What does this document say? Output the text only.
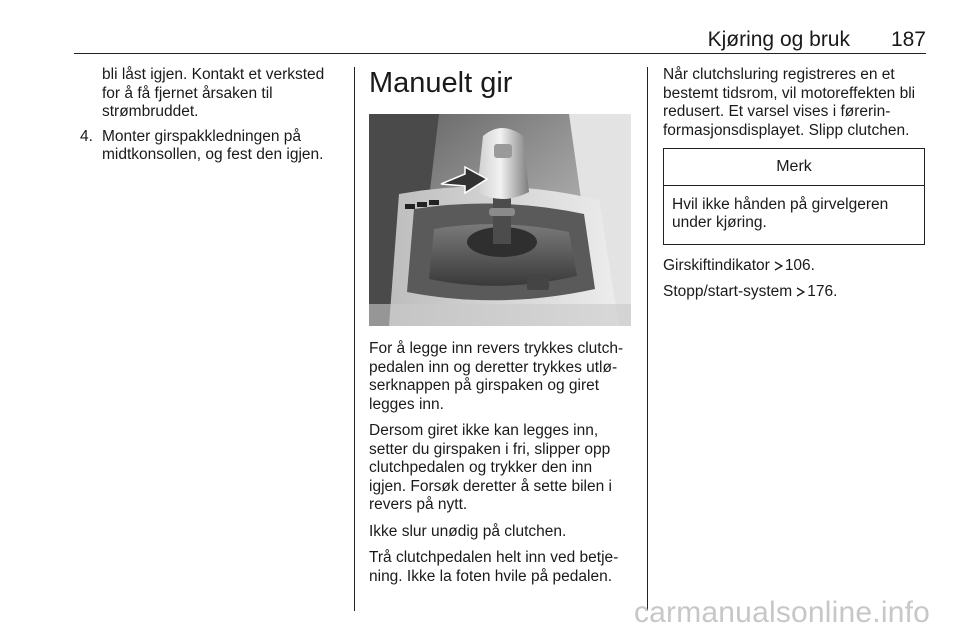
Kjøring og bruk 187
bli låst igjen. Kontakt et verksted
for å få fjernet årsaken til
strømbruddet.
4. Monter girspakkledningen på
midtkonsollen, og fest den igjen.
Manuelt gir

For å legge inn revers trykkes clutch-
pedalen inn og deretter trykkes utlø-
serknappen på girspaken og giret
legges inn.

Dersom giret ikke kan legges inn,
setter du girspaken i fri, slipper opp
clutchpedalen og trykker den inn
igjen. Forsøk deretter å sette bilen i
revers på nytt.

Ikke slur unødig på clutchen.

Trå clutchpedalen helt inn ved betje-
ning. Ikke la foten hvile på pedalen.

Når clutchsluring registreres en et
bestemt tidsrom, vil motoreffekten bli
redusert. Et varsel vises i førerin-
formasjonsdisplayet. Slipp clutchen.

Merk
Hvil ikke hånden på girvelgeren
under kjøring.

Girskiftindikator 106.

Stopp/start-system 176.

carmanualsonline.info
